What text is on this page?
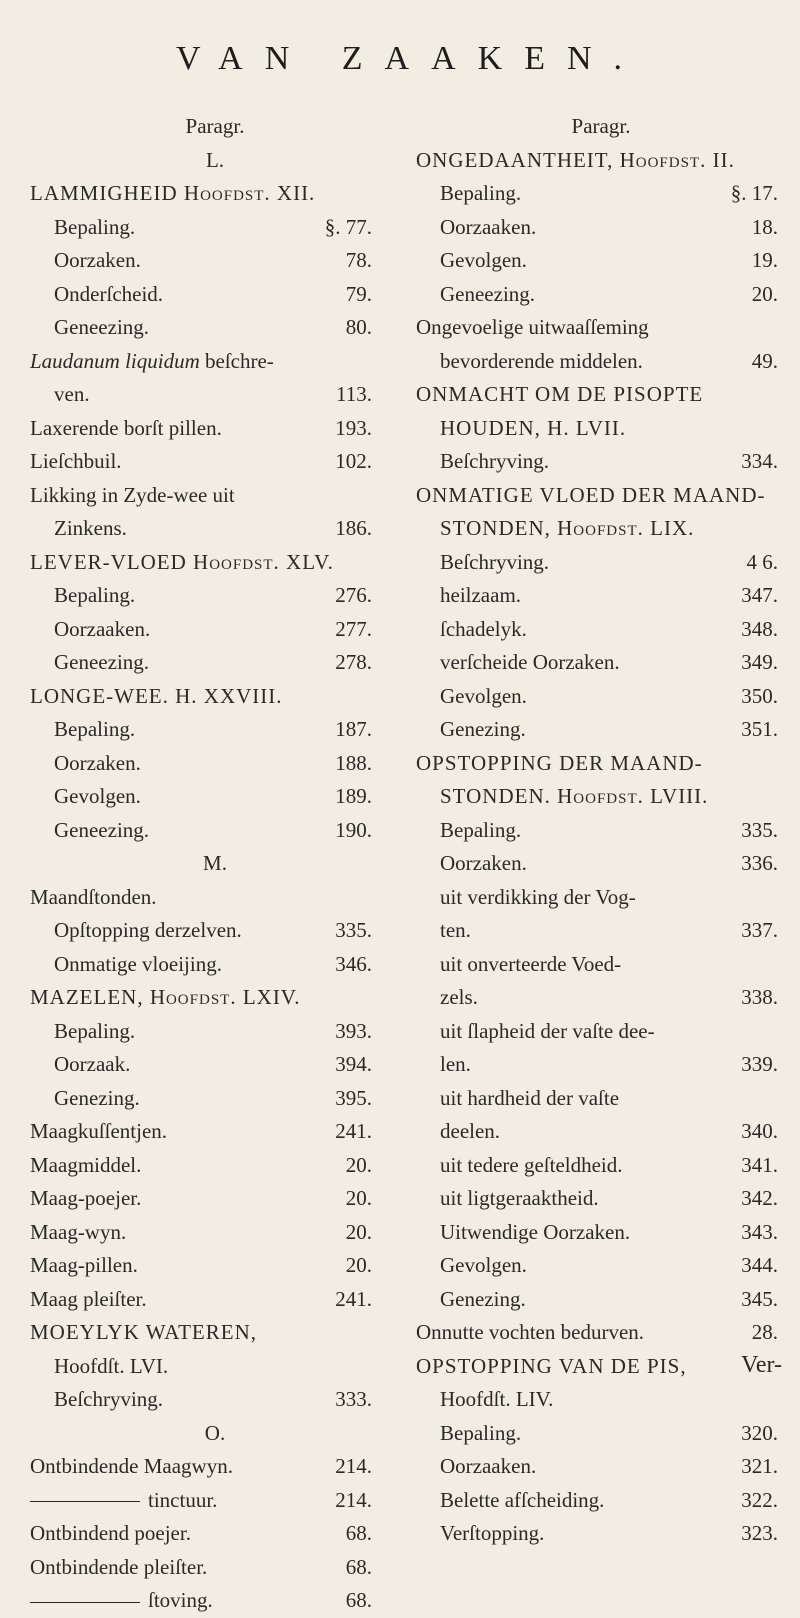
VAN ZAAKEN.
Paragr.
L.
LAMMIGHEID Hoofdſt. XII.
Bepaling.	§. 77.
Oorzaken.	78.
Onderſcheid.	79.
Geneezing.	80.
Laudanum liquidum beſchre-
ven.	113.
Laxerende borſt pillen.	193.
Lieſchbuil.	102.
Likking in Zyde-wee uit
Zinkens.	186.
LEVER-VLOED Hoofdſt. XLV.
Bepaling.	276.
Oorzaaken.	277.
Geneezing.	278.
LONGE-WEE. H. XXVIII.
Bepaling.	187.
Oorzaken.	188.
Gevolgen.	189.
Geneezing.	190.
M.
Maandſtonden.
Opſtopping derzelven.	335.
Onmatige vloeijing.	346.
MAZELEN, Hoofdſt. LXIV.
Bepaling.	393.
Oorzaak.	394.
Genezing.	395.
Maagkuſſentjen.	241.
Maagmiddel.	20.
Maag-poejer.	20.
Maag-wyn.	20.
Maag-pillen.	20.
Maag pleiſter.	241.
MOEYLYK WATEREN,
Hoofdſt. LVI.
Beſchryving.	333.
O.
Ontbindende Maagwyn.	214.
tinctuur.	214.
Ontbindend poejer.	68.
Ontbindende pleiſter.	68.
ſtoving.	68.
Paragr.
ONGEDAANTHEIT, Hoofdſt. II.
Bepaling.	§. 17.
Oorzaaken.	18.
Gevolgen.	19.
Geneezing.	20.
Ongevoelige uitwaaſſeming
bevorderende middelen.	49.
ONMACHT OM DE PISOPTE
HOUDEN, H. LVII.
Beſchryving.	334.
ONMATIGE VLOED DER MAAND-
STONDEN, Hoofdſt. LIX.
Beſchryving.	4 6.
heilzaam.	347.
ſchadelyk.	348.
verſcheide Oorzaken.	349.
Gevolgen.	350.
Genezing.	351.
OPSTOPPING DER MAAND-
STONDEN. Hoofdſt. LVIII.
Bepaling.	335.
Oorzaken.	336.
uit verdikking der Vog-
ten.	337.
uit onverteerde Voed-
zels.	338.
uit ſlapheid der vaſte dee-
len.	339.
uit hardheid der vaſte
deelen.	340.
uit tedere geſteldheid.	341.
uit ligtgeraaktheid.	342.
Uitwendige Oorzaken.	343.
Gevolgen.	344.
Genezing.	345.
Onnutte vochten bedurven.	28.
OPSTOPPING VAN DE PIS,
Hoofdſt. LIV.
Bepaling.	320.
Oorzaaken.	321.
Belette afſcheiding.	322.
Verſtopping.	323.
Ver-
